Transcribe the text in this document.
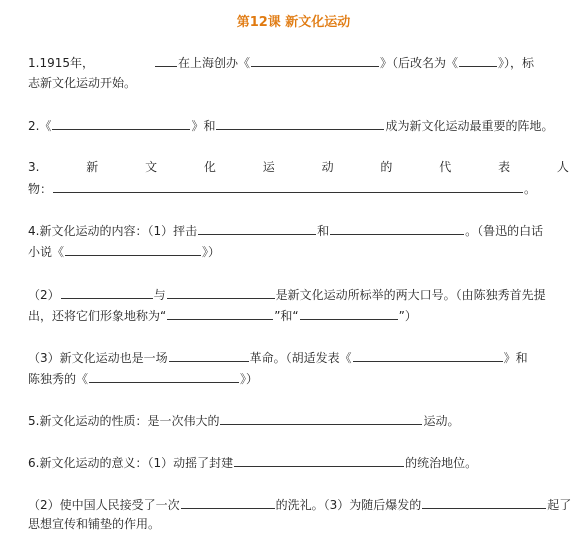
第12课 新文化运动
1.1915年，	在上海创办《	》（后改名为《	》），标
志新文化运动开始。
2.《	》和	成为新文化运动最重要的阵地。
3.	新	文	化	运	动	的	代	表	人
物：	。
4.新文化运动的内容：（1）抨击	和	。（鲁迅的白话
小说《	》）
（2）	与	是新文化运动所标举的两大口号。（由陈独秀首先提
出，还将它们形象地称为“	”和“	”）
（3）新文化运动也是一场	革命。（胡适发表《	》和
陈独秀的《	》）
5.新文化运动的性质：是一次伟大的	运动。
6.新文化运动的意义：（1）动摇了封建	的统治地位。
（2）使中国人民接受了一次	的洗礼。（3）为随后爆发的	起了
思想宣传和铺垫的作用。
